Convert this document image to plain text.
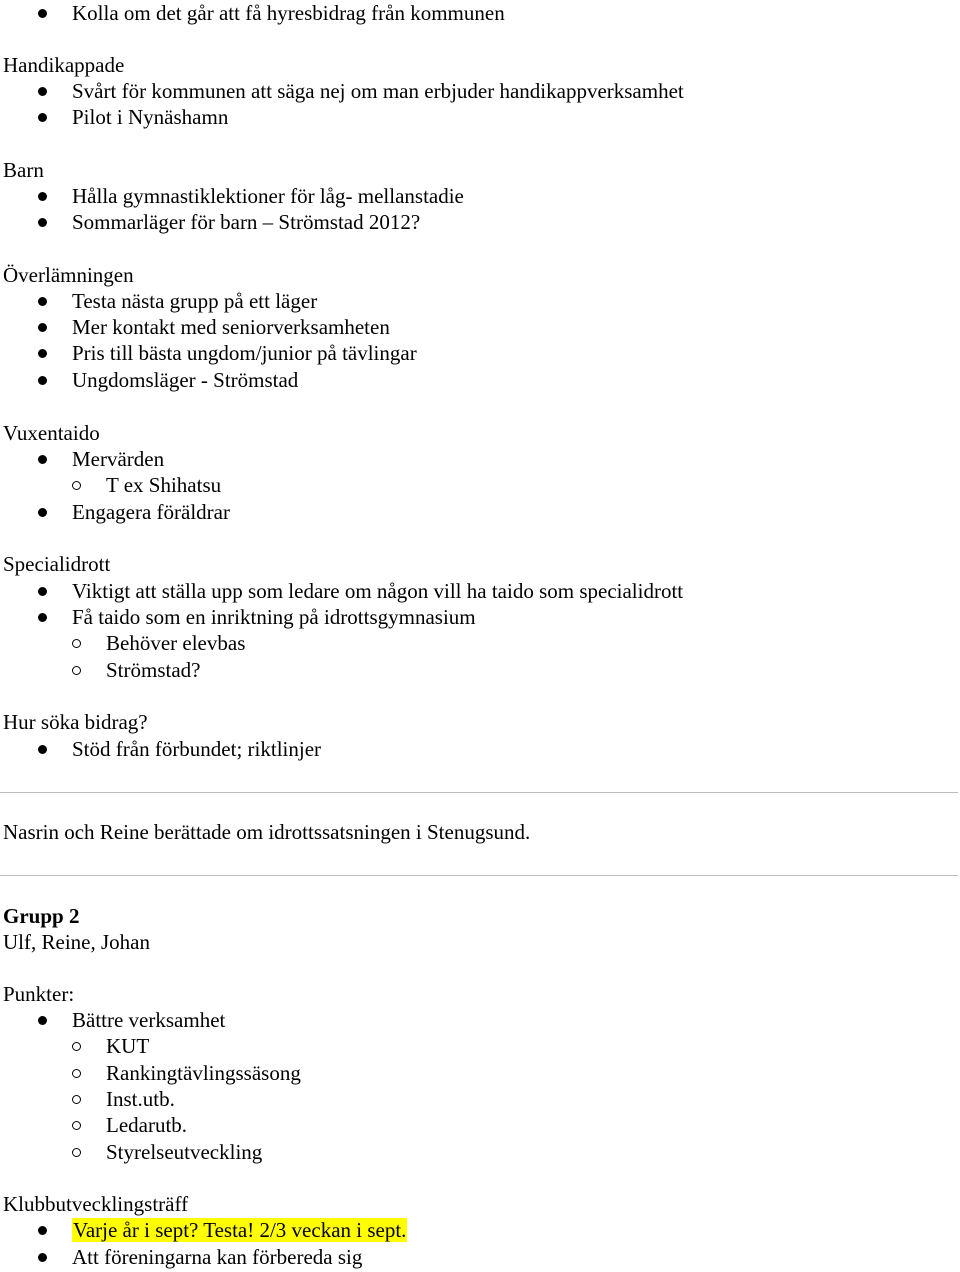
Kolla om det går att få hyresbidrag från kommunen
Handikappade
Svårt för kommunen att säga nej om man erbjuder handikappverksamhet
Pilot i Nynäshamn
Barn
Hålla gymnastiklektioner för låg- mellanstadie
Sommarläger för barn – Strömstad 2012?
Överlämningen
Testa nästa grupp på ett läger
Mer kontakt med seniorverksamheten
Pris till bästa ungdom/junior på tävlingar
Ungdomsläger - Strömstad
Vuxentaido
Mervärden
T ex Shihatsu
Engagera föräldrar
Specialidrott
Viktigt att ställa upp som ledare om någon vill ha taido som specialidrott
Få taido som en inriktning på idrottsgymnasium
Behöver elevbas
Strömstad?
Hur söka bidrag?
Stöd från förbundet; riktlinjer
Nasrin och Reine berättade om idrottssatsningen i Stenugsund.
Grupp 2
Ulf, Reine, Johan
Punkter:
Bättre verksamhet
KUT
Rankingtävlingssäsong
Inst.utb.
Ledarutb.
Styrelseutveckling
Klubbutvecklingsträff
Varje år i sept? Testa! 2/3 veckan i sept.
Att föreningarna kan förbereda sig
